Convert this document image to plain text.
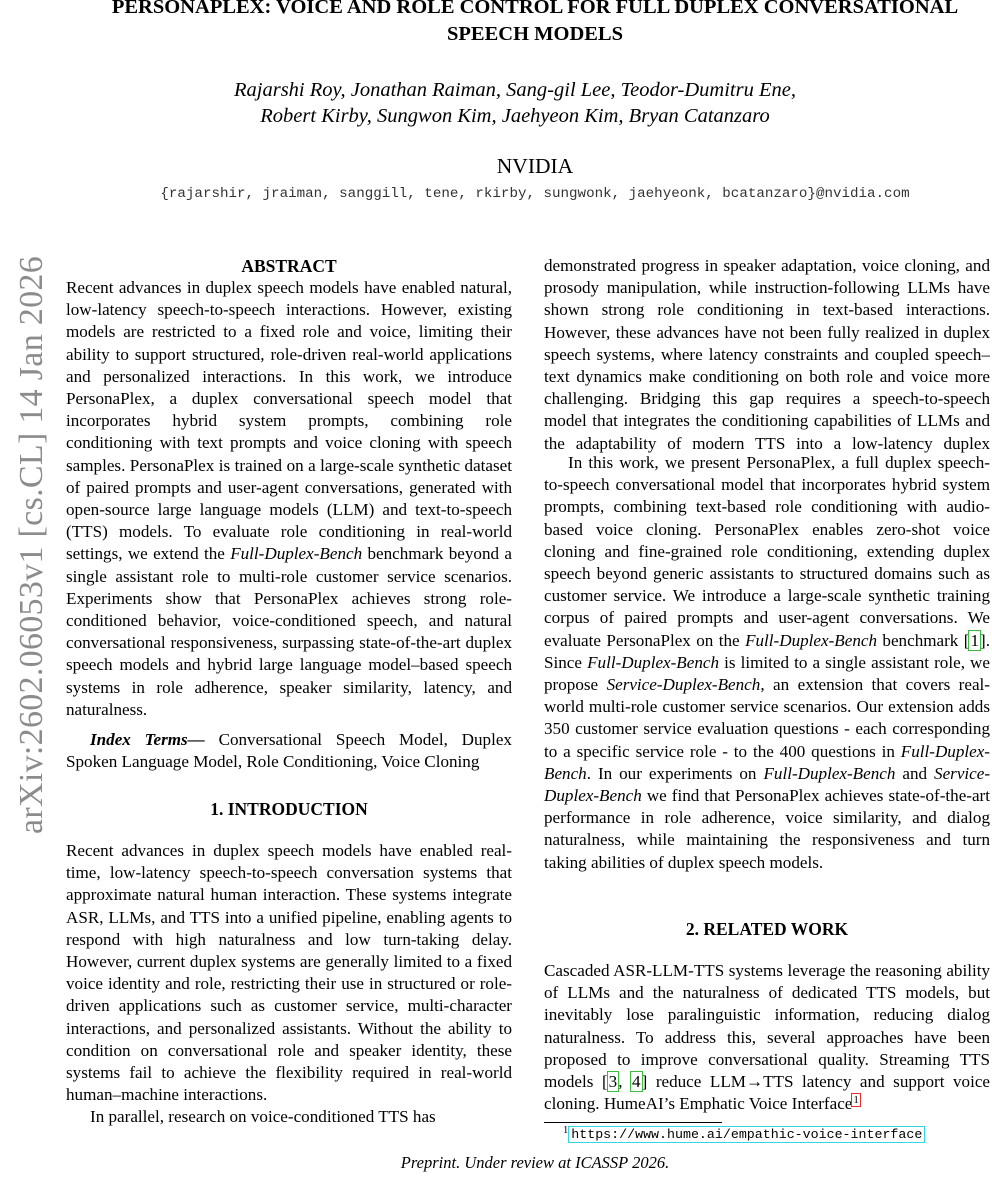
PERSONAPLEX: VOICE AND ROLE CONTROL FOR FULL DUPLEX CONVERSATIONAL
SPEECH MODELS
Rajarshi Roy, Jonathan Raiman, Sang-gil Lee, Teodor-Dumitru Ene,
Robert Kirby, Sungwon Kim, Jaehyeon Kim, Bryan Catanzaro
NVIDIA
{rajarshir, jraiman, sanggill, tene, rkirby, sungwonk, jaehyeonk, bcatanzaro}@nvidia.com
arXiv:2602.06053v1 [cs.CL] 14 Jan 2026	ABSTRACT

Recent advances in duplex speech models have enabled natural, low-latency speech-to-speech interactions. However, existing models are restricted to a fixed role and voice, limiting their ability to support structured, role-driven real-world applications and personalized interactions. In this work, we introduce PersonaPlex, a duplex conversational speech model that incorporates hybrid system prompts, combining role conditioning with text prompts and voice cloning with speech samples. PersonaPlex is trained on a large-scale synthetic dataset of paired prompts and user-agent conversations, generated with open-source large language models (LLM) and text-to-speech (TTS) models. To evaluate role conditioning in real-world settings, we extend the Full-Duplex-Bench benchmark beyond a single assistant role to multi-role customer service scenarios. Experiments show that PersonaPlex achieves strong role-conditioned behavior, voice-conditioned speech, and natural conversational responsiveness, surpassing state-of-the-art duplex speech models and hybrid large language model–based speech systems in role adherence, speaker similarity, latency, and naturalness.

Index Terms— Conversational Speech Model, Duplex Spoken Language Model, Role Conditioning, Voice Cloning

1. INTRODUCTION

Recent advances in duplex speech models have enabled real-time, low-latency speech-to-speech conversation systems that approximate natural human interaction. These systems integrate ASR, LLMs, and TTS into a unified pipeline, enabling agents to respond with high naturalness and low turn-taking delay. However, current duplex systems are generally limited to a fixed voice identity and role, restricting their use in structured or role-driven applications such as customer service, multi-character interactions, and personalized assistants. Without the ability to condition on conversational role and speaker identity, these systems fail to achieve the flexibility required in real-world human–machine interactions.

In parallel, research on voice-conditioned TTS has

demonstrated progress in speaker adaptation, voice cloning, and prosody manipulation, while instruction-following LLMs have shown strong role conditioning in text-based interactions. However, these advances have not been fully realized in duplex speech systems, where latency constraints and coupled speech–text dynamics make conditioning on both role and voice more challenging. Bridging this gap requires a speech-to-speech model that integrates the conditioning capabilities of LLMs and the adaptability of modern TTS into a low-latency duplex

In this work, we present PersonaPlex, a full duplex speech-to-speech conversational model that incorporates hybrid system prompts, combining text-based role conditioning with audio-based voice cloning. PersonaPlex enables zero-shot voice cloning and fine-grained role conditioning, extending duplex speech beyond generic assistants to structured domains such as customer service. We introduce a large-scale synthetic training corpus of paired prompts and user-agent conversations. We evaluate PersonaPlex on the Full-Duplex-Bench benchmark [1]. Since Full-Duplex-Bench is limited to a single assistant role, we propose Service-Duplex-Bench, an extension that covers real-world multi-role customer service scenarios. Our extension adds 350 customer service evaluation questions - each corresponding to a specific service role - to the 400 questions in Full-Duplex-Bench. In our experiments on Full-Duplex-Bench and Service-Duplex-Bench we find that PersonaPlex achieves state-of-the-art performance in role adherence, voice similarity, and dialog naturalness, while maintaining the responsiveness and turn taking abilities of duplex speech models.

2. RELATED WORK

Cascaded ASR-LLM-TTS systems leverage the reasoning ability of LLMs and the naturalness of dedicated TTS models, but inevitably lose paralinguistic information, reducing dialog naturalness. To address this, several approaches have been proposed to improve conversational quality. Streaming TTS models [3, 4] reduce LLM→TTS latency and support voice cloning. HumeAI’s Emphatic Voice Interface$^1$

1 https://www.hume.ai/empathic-voice-interface
Preprint. Under review at ICASSP 2026.
